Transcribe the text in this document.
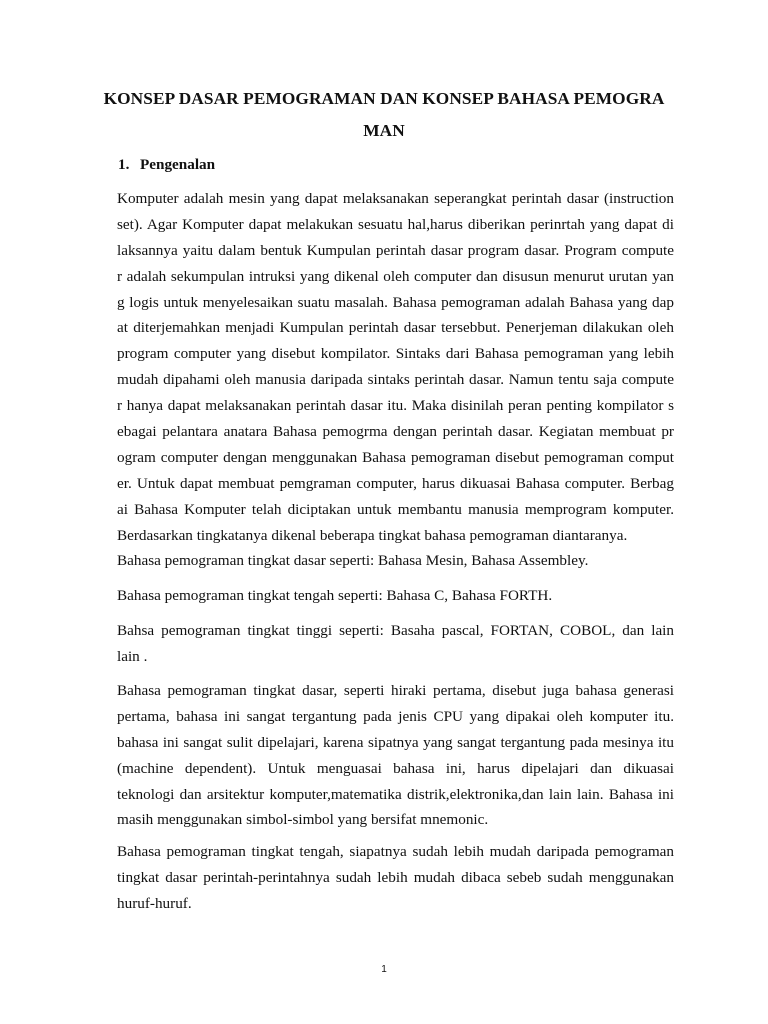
KONSEP DASAR PEMOGRAMAN DAN KONSEP BAHASA PEMOGRA
MAN
1. Pengenalan
Komputer adalah mesin yang dapat melaksanakan seperangkat perintah dasar (instruction
set). Agar Komputer dapat melakukan sesuatu hal,harus diberikan perinrtah yang dapat di
laksannya yaitu dalam bentuk Kumpulan perintah dasar program dasar. Program compute
r adalah sekumpulan intruksi yang dikenal oleh computer dan disusun menurut urutan yan
g logis untuk menyelesaikan suatu masalah. Bahasa pemograman adalah Bahasa yang dap
at diterjemahkan menjadi Kumpulan perintah dasar tersebbut. Penerjeman dilakukan oleh
program computer yang disebut kompilator. Sintaks dari Bahasa pemograman yang lebih
mudah dipahami oleh manusia daripada sintaks perintah dasar. Namun tentu saja compute
r hanya dapat melaksanakan perintah dasar itu. Maka disinilah peran penting kompilator s
ebagai pelantara anatara Bahasa pemogrma dengan perintah dasar. Kegiatan membuat pr
ogram computer dengan menggunakan Bahasa pemograman disebut pemograman comput
er. Untuk dapat membuat pemgraman computer, harus dikuasai Bahasa computer. Berbag
ai Bahasa Komputer telah diciptakan untuk membantu manusia memprogram komputer.
Berdasarkan tingkatanya dikenal beberapa tingkat bahasa pemograman diantaranya.
Bahasa pemograman tingkat dasar seperti: Bahasa Mesin, Bahasa Assembley.
Bahasa pemograman tingkat tengah seperti: Bahasa C, Bahasa FORTH.
Bahsa pemograman tingkat tinggi seperti: Basaha pascal, FORTAN, COBOL, dan lain
lain .
Bahasa pemograman tingkat dasar, seperti hiraki pertama, disebut juga bahasa generasi
pertama, bahasa ini sangat tergantung pada jenis CPU yang dipakai oleh komputer itu.
bahasa ini sangat sulit dipelajari, karena sipatnya yang sangat tergantung pada mesinya itu
(machine dependent). Untuk menguasai bahasa ini, harus dipelajari dan dikuasai
teknologi dan arsitektur komputer,matematika distrik,elektronika,dan lain lain. Bahasa ini
masih menggunakan simbol-simbol yang bersifat mnemonic.
Bahasa pemograman tingkat tengah, siapatnya sudah lebih mudah daripada pemograman
tingkat dasar perintah-perintahnya sudah lebih mudah dibaca sebeb sudah menggunakan
huruf-huruf.
1
